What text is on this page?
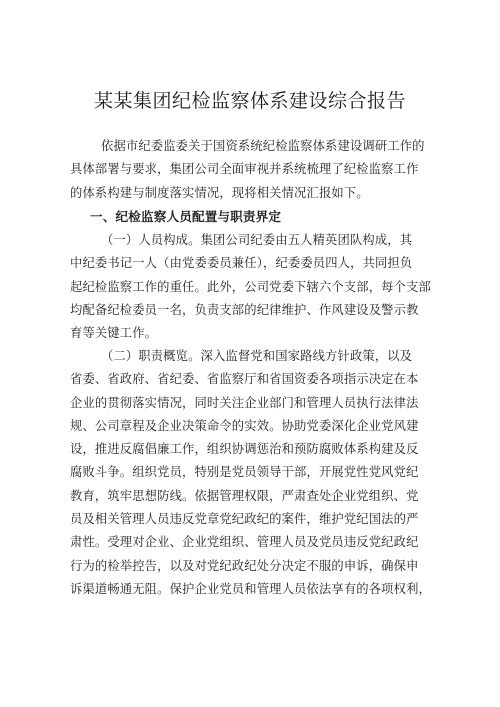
某某集团纪检监察体系建设综合报告
依据市纪委监委关于国资系统纪检监察体系建设调研工作的
具体部署与要求，集团公司全面审视并系统梳理了纪检监察工作
的体系构建与制度落实情况，现将相关情况汇报如下。
一、纪检监察人员配置与职责界定
（一）人员构成。集团公司纪委由五人精英团队构成，其
中纪委书记一人（由党委委员兼任），纪委委员四人，共同担负
起纪检监察工作的重任。此外，公司党委下辖六个支部，每个支部
均配备纪检委员一名，负责支部的纪律维护、作风建设及警示教
育等关键工作。
（二）职责概览。深入监督党和国家路线方针政策，以及
省委、省政府、省纪委、省监察厅和省国资委各项指示决定在本
企业的贯彻落实情况，同时关注企业部门和管理人员执行法律法
规、公司章程及企业决策命令的实效。协助党委深化企业党风建
设，推进反腐倡廉工作，组织协调惩治和预防腐败体系构建及反
腐败斗争。组织党员，特别是党员领导干部，开展党性党风党纪
教育，筑牢思想防线。依据管理权限，严肃查处企业党组织、党
员及相关管理人员违反党章党纪政纪的案件，维护党纪国法的严
肃性。受理对企业、企业党组织、管理人员及党员违反党纪政纪
行为的检举控告，以及对党纪政纪处分决定不服的申诉，确保申
诉渠道畅通无阻。保护企业党员和管理人员依法享有的各项权利，
